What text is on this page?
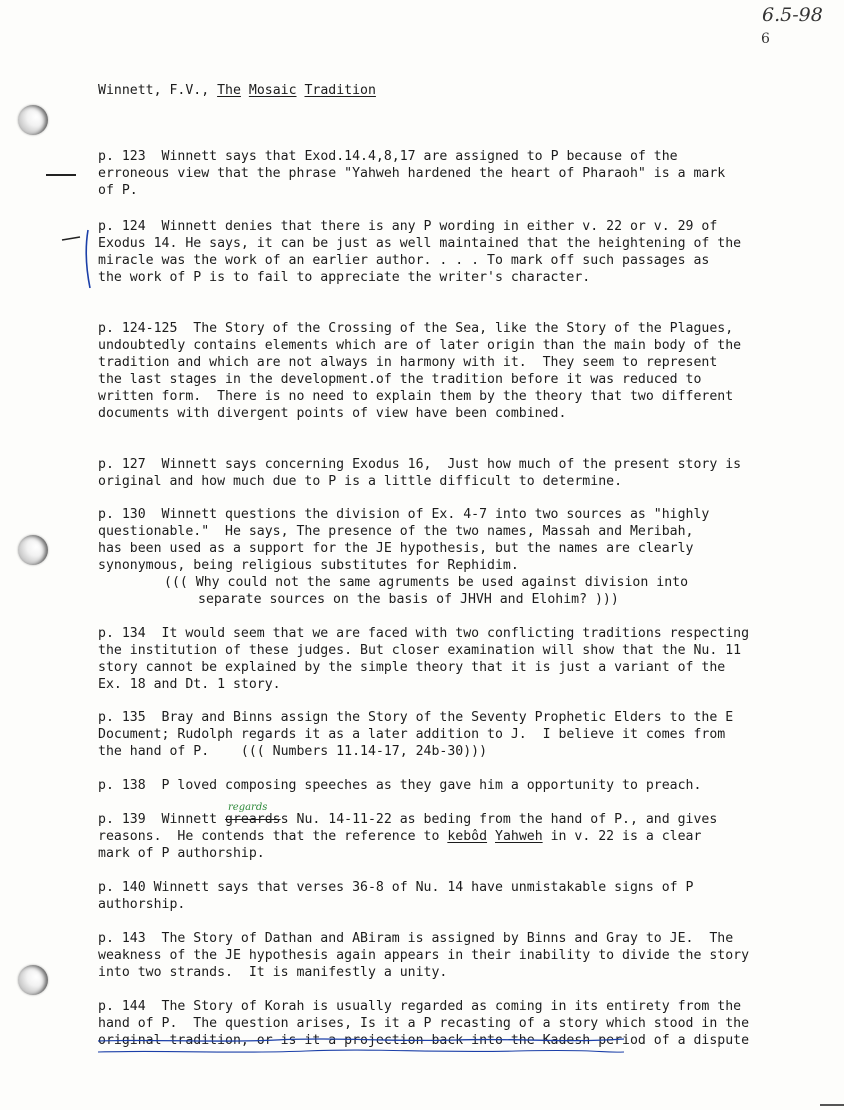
6.5-98
6
Winnett, F.V., The Mosaic Tradition
p. 123  Winnett says that Exod.14.4,8,17 are assigned to P because of the
erroneous view that the phrase "Yahweh hardened the heart of Pharaoh" is a mark
of P.
p. 124  Winnett denies that there is any P wording in either v. 22 or v. 29 of
Exodus 14. He says, it can be just as well maintained that the heightening of the
miracle was the work of an earlier author. . . . To mark off such passages as
the work of P is to fail to appreciate the writer's character.
p. 124-125  The Story of the Crossing of the Sea, like the Story of the Plagues,
undoubtedly contains elements which are of later origin than the main body of the
tradition and which are not always in harmony with it.  They seem to represent
the last stages in the development.of the tradition before it was reduced to
written form.  There is no need to explain them by the theory that two different
documents with divergent points of view have been combined.
p. 127  Winnett says concerning Exodus 16,  Just how much of the present story is
original and how much due to P is a little difficult to determine.
p. 130  Winnett questions the division of Ex. 4-7 into two sources as "highly
questionable."  He says, The presence of the two names, Massah and Meribah,
has been used as a support for the JE hypothesis, but the names are clearly
synonymous, being religious substitutes for Rephidim.
((( Why could not the same agruments be used against division into
separate sources on the basis of JHVH and Elohim? )))
p. 134  It would seem that we are faced with two conflicting traditions respecting
the institution of these judges. But closer examination will show that the Nu. 11
story cannot be explained by the simple theory that it is just a variant of the
Ex. 18 and Dt. 1 story.
p. 135  Bray and Binns assign the Story of the Seventy Prophetic Elders to the E
Document; Rudolph regards it as a later addition to J.  I believe it comes from
the hand of P.    ((( Numbers 11.14-17, 24b-30)))
p. 138  P loved composing speeches as they gave him a opportunity to preach.
regards
p. 139  Winnett greardss Nu. 14-11-22 as beding from the hand of P., and gives
reasons.  He contends that the reference to kebôd Yahweh in v. 22 is a clear
mark of P authorship.
p. 140 Winnett says that verses 36-8 of Nu. 14 have unmistakable signs of P
authorship.
p. 143  The Story of Dathan and ABiram is assigned by Binns and Gray to JE.  The
weakness of the JE hypothesis again appears in their inability to divide the story
into two strands.  It is manifestly a unity.
p. 144  The Story of Korah is usually regarded as coming in its entirety from the
hand of P.  The question arises, Is it a P recasting of a story which stood in the
original tradition, or is it a projection back into the Kadesh period of a dispute
